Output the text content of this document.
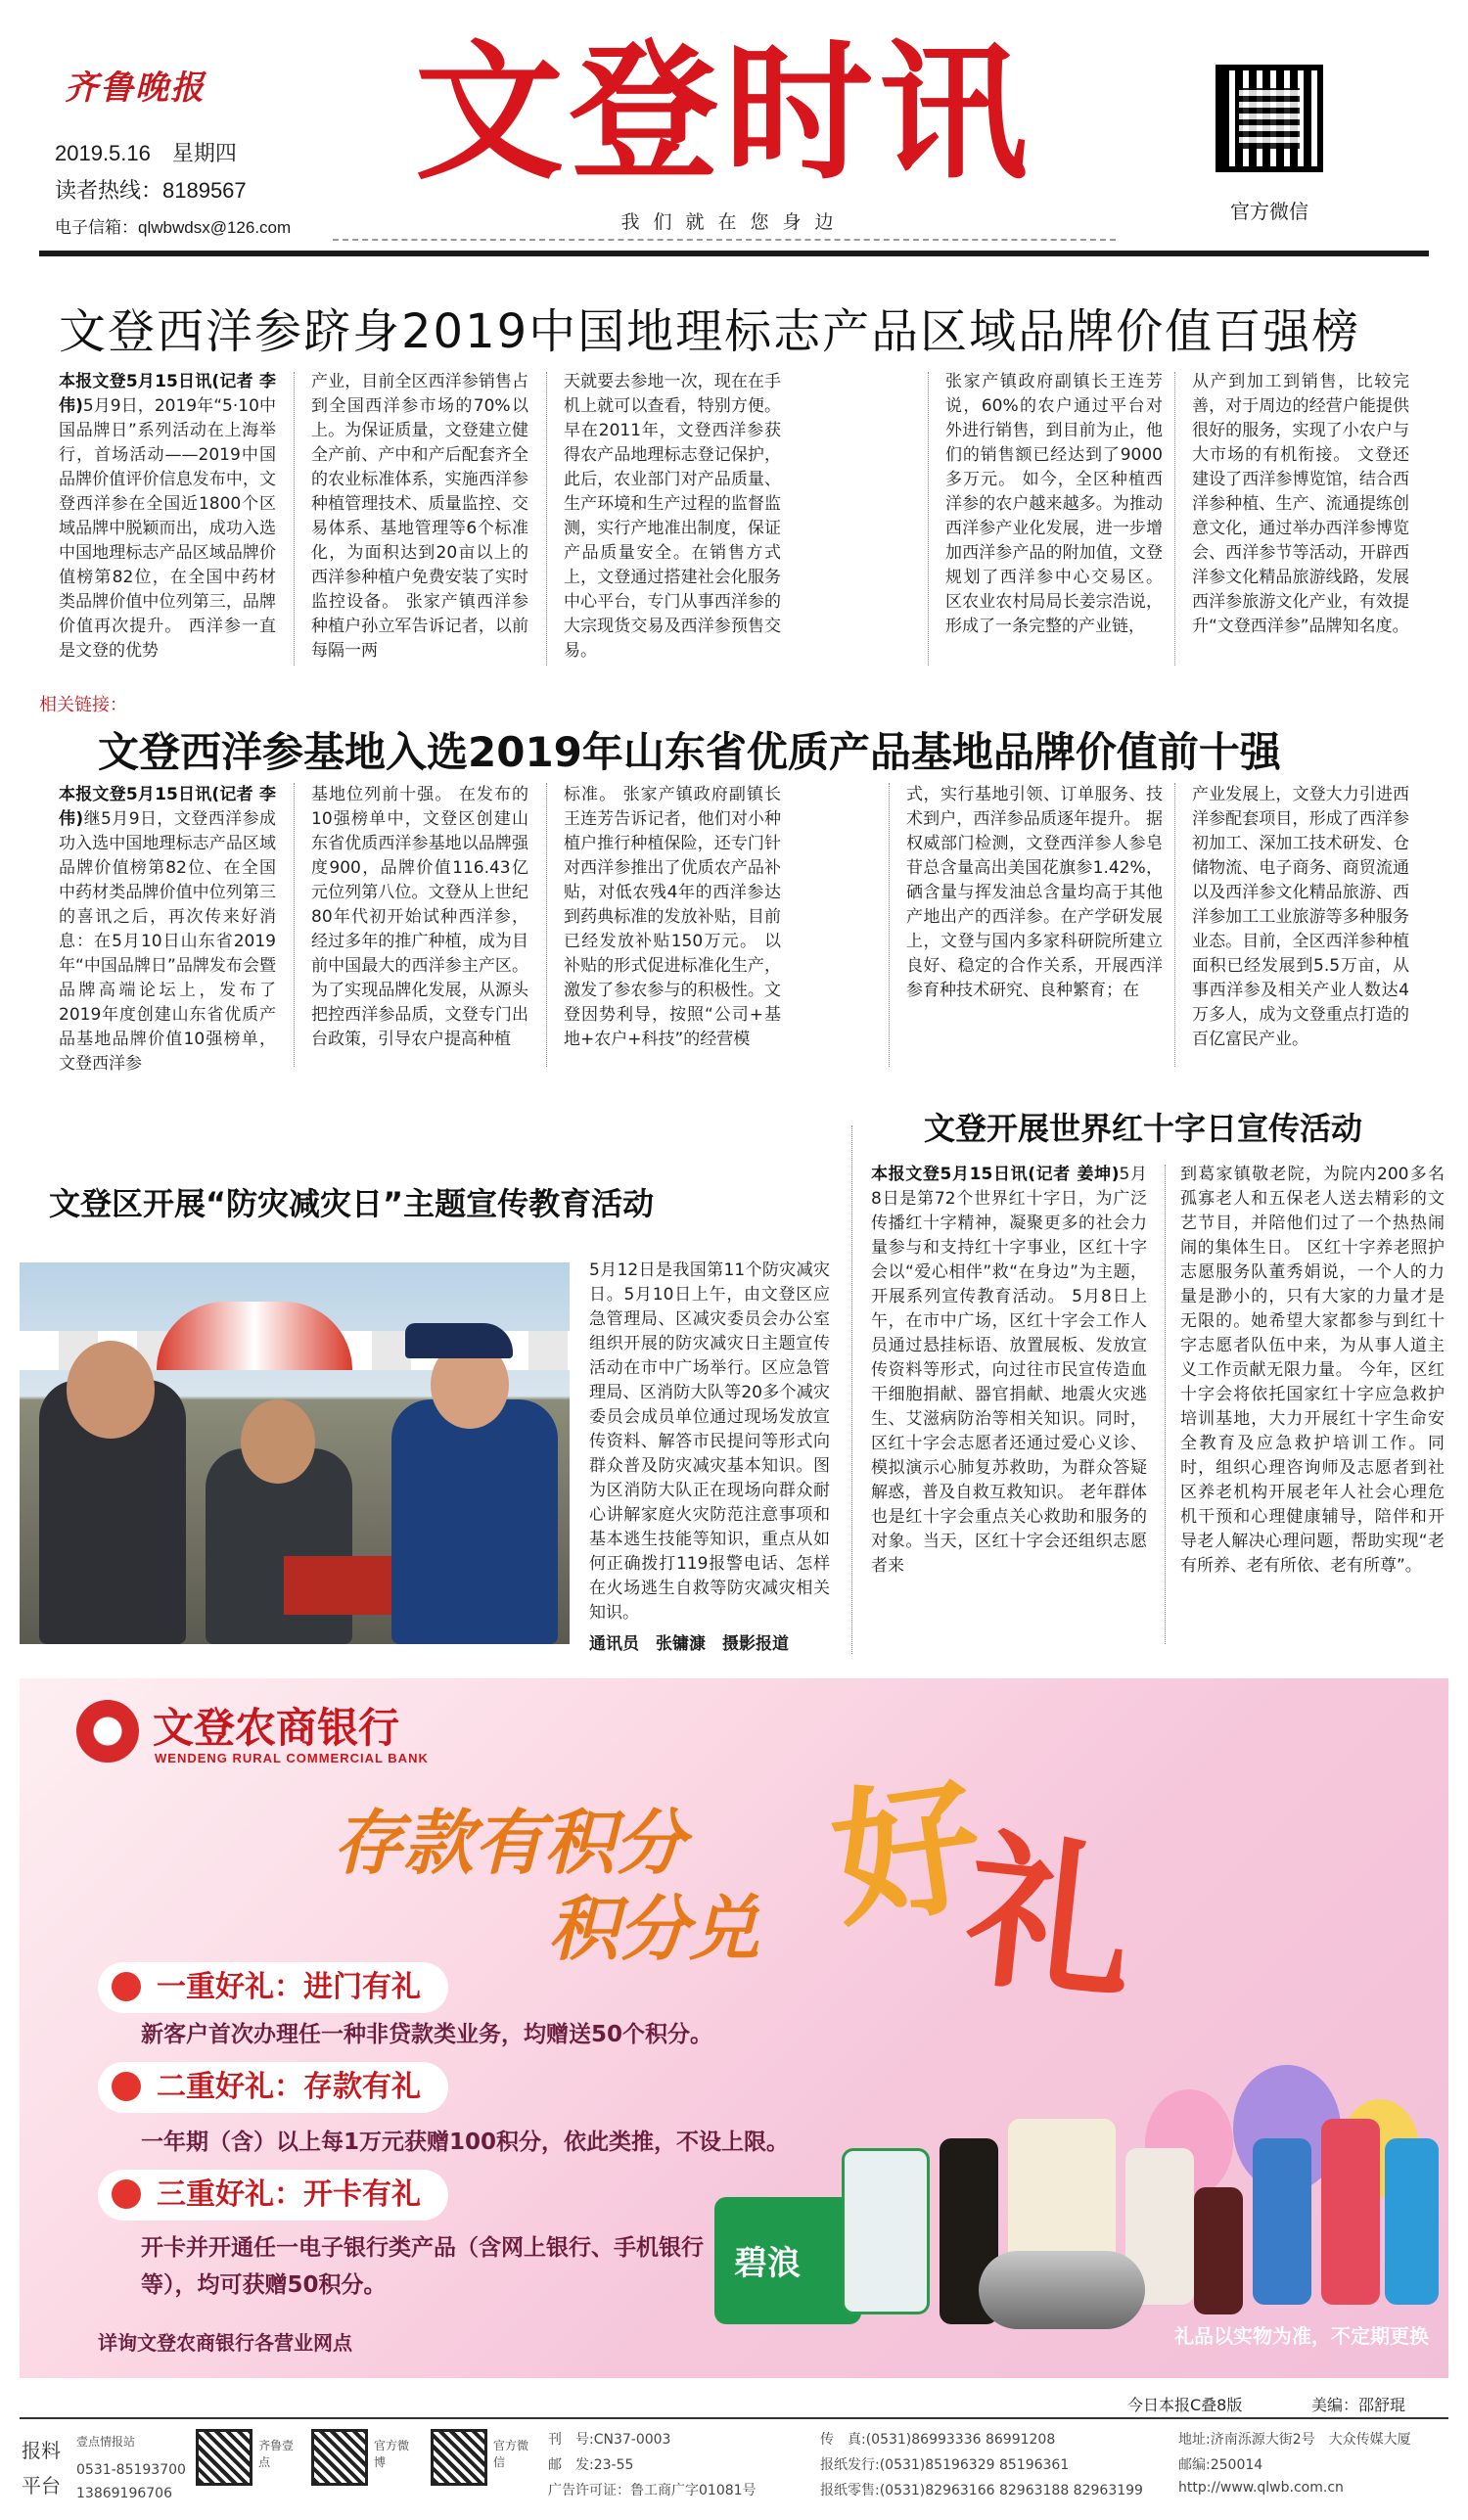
齐鲁晚报
2019.5.16　 星期四
读者热线：8189567
电子信箱：qlwbwdsx@126.com
文登时讯
我们就在您身边	官方微信
文登西洋参跻身2019中国地理标志产品区域品牌价值百强榜
本报文登5月15日讯(记者 李伟)5月9日，2019年“5·10中国品牌日”系列活动在上海举行，首场活动——2019中国品牌价值评价信息发布中，文登西洋参在全国近1800个区域品牌中脱颖而出，成功入选中国地理标志产品区域品牌价值榜第82位，在全国中药材类品牌价值中位列第三，品牌价值再次提升。 西洋参一直是文登的优势
产业，目前全区西洋参销售占到全国西洋参市场的70%以上。为保证质量，文登建立健全产前、产中和产后配套齐全的农业标准体系，实施西洋参种植管理技术、质量监控、交易体系、基地管理等6个标准化，为面积达到20亩以上的西洋参种植户免费安装了实时监控设备。 张家产镇西洋参种植户孙立军告诉记者，以前每隔一两
天就要去参地一次，现在在手机上就可以查看，特别方便。 早在2011年，文登西洋参获得农产品地理标志登记保护，此后，农业部门对产品质量、生产环境和生产过程的监督监测，实行产地准出制度，保证产品质量安全。在销售方式上，文登通过搭建社会化服务中心平台，专门从事西洋参的大宗现货交易及西洋参预售交易。
张家产镇政府副镇长王连芳说，60%的农户通过平台对外进行销售，到目前为止，他们的销售额已经达到了9000多万元。 如今，全区种植西洋参的农户越来越多。为推动西洋参产业化发展，进一步增加西洋参产品的附加值，文登规划了西洋参中心交易区。 区农业农村局局长姜宗浩说，形成了一条完整的产业链，
从产到加工到销售，比较完善，对于周边的经营户能提供很好的服务，实现了小农户与大市场的有机衔接。 文登还建设了西洋参博览馆，结合西洋参种植、生产、流通提练创意文化，通过举办西洋参博览会、西洋参节等活动，开辟西洋参文化精品旅游线路，发展西洋参旅游文化产业，有效提升“文登西洋参”品牌知名度。
相关链接：
文登西洋参基地入选2019年山东省优质产品基地品牌价值前十强
本报文登5月15日讯(记者 李伟)继5月9日，文登西洋参成功入选中国地理标志产品区域品牌价值榜第82位、在全国中药材类品牌价值中位列第三的喜讯之后，再次传来好消息：在5月10日山东省2019年“中国品牌日”品牌发布会暨品牌高端论坛上，发布了2019年度创建山东省优质产品基地品牌价值10强榜单，文登西洋参
基地位列前十强。 在发布的10强榜单中，文登区创建山东省优质西洋参基地以品牌强度900，品牌价值116.43亿元位列第八位。文登从上世纪80年代初开始试种西洋参，经过多年的推广种植，成为目前中国最大的西洋参主产区。为了实现品牌化发展，从源头把控西洋参品质，文登专门出台政策，引导农户提高种植
标准。 张家产镇政府副镇长王连芳告诉记者，他们对小种植户推行种植保险，还专门针对西洋参推出了优质农产品补贴，对低农残4年的西洋参达到药典标准的发放补贴，目前已经发放补贴150万元。 以补贴的形式促进标准化生产，激发了参农参与的积极性。文登因势利导，按照“公司+基地+农户+科技”的经营模
式，实行基地引领、订单服务、技术到户，西洋参品质逐年提升。 据权威部门检测，文登西洋参人参皂苷总含量高出美国花旗参1.42%，硒含量与挥发油总含量均高于其他产地出产的西洋参。在产学研发展上，文登与国内多家科研院所建立良好、稳定的合作关系，开展西洋参育种技术研究、良种繁育；在
产业发展上，文登大力引进西洋参配套项目，形成了西洋参初加工、深加工技术研发、仓储物流、电子商务、商贸流通以及西洋参文化精品旅游、西洋参加工工业旅游等多种服务业态。目前，全区西洋参种植面积已经发展到5.5万亩，从事西洋参及相关产业人数达4万多人，成为文登重点打造的百亿富民产业。
文登开展世界红十字日宣传活动
本报文登5月15日讯(记者 姜坤)5月8日是第72个世界红十字日，为广泛传播红十字精神，凝聚更多的社会力量参与和支持红十字事业，区红十字会以“爱心相伴”救“在身边”为主题，开展系列宣传教育活动。 5月8日上午，在市中广场，区红十字会工作人员通过悬挂标语、放置展板、发放宣传资料等形式，向过往市民宣传造血干细胞捐献、器官捐献、地震火灾逃生、艾滋病防治等相关知识。同时，区红十字会志愿者还通过爱心义诊、模拟演示心肺复苏救助，为群众答疑解惑，普及自救互救知识。 老年群体也是红十字会重点关心救助和服务的对象。当天，区红十字会还组织志愿者来
到葛家镇敬老院，为院内200多名孤寡老人和五保老人送去精彩的文艺节目，并陪他们过了一个热热闹闹的集体生日。 区红十字养老照护志愿服务队董秀娟说，一个人的力量是渺小的，只有大家的力量才是无限的。她希望大家都参与到红十字志愿者队伍中来，为从事人道主义工作贡献无限力量。 今年，区红十字会将依托国家红十字应急救护培训基地，大力开展红十字生命安全教育及应急救护培训工作。同时，组织心理咨询师及志愿者到社区养老机构开展老年人社会心理危机干预和心理健康辅导，陪伴和开导老人解决心理问题，帮助实现“老有所养、老有所依、老有所尊”。
文登区开展“防灾减灾日”主题宣传教育活动
5月12日是我国第11个防灾减灾日。5月10日上午，由文登区应急管理局、区减灾委员会办公室组织开展的防灾减灾日主题宣传活动在市中广场举行。区应急管理局、区消防大队等20多个减灾委员会成员单位通过现场发放宣传资料、解答市民提问等形式向群众普及防灾减灾基本知识。图为区消防大队正在现场向群众耐心讲解家庭火灾防范注意事项和基本逃生技能等知识，重点从如何正确拨打119报警电话、怎样在火场逃生自救等防灾减灾相关知识。
通讯员　张镛漮　摄影报道
文登农商银行
WENDENG RURAL COMMERCIAL BANK
存款有积分
积分兑 好
礼
一重好礼：进门有礼
新客户首次办理任一种非贷款类业务，均赠送50个积分。
二重好礼：存款有礼
一年期（含）以上每1万元获赠100积分，依此类推，不设上限。
三重好礼：开卡有礼
开卡并开通任一电子银行类产品（含网上银行、手机银行等），均可获赠50积分。
详询文登农商银行各营业网点
碧浪
礼品以实物为准，不定期更换
今日本报C叠8版	美编：邵舒琨
报料
平台
壹点情报站
0531-85193700
13869196706
齐鲁壹点
官方微博
官方微信
刊　号:CN37-0003
邮　发:23-55
广告许可证：鲁工商广字01081号
传　真:(0531)86993336 86991208
报纸发行:(0531)85196329 85196361
报纸零售:(0531)82963166 82963188 82963199
地址:济南泺源大街2号　大众传媒大厦
邮编:250014
http://www.qlwb.com.cn
